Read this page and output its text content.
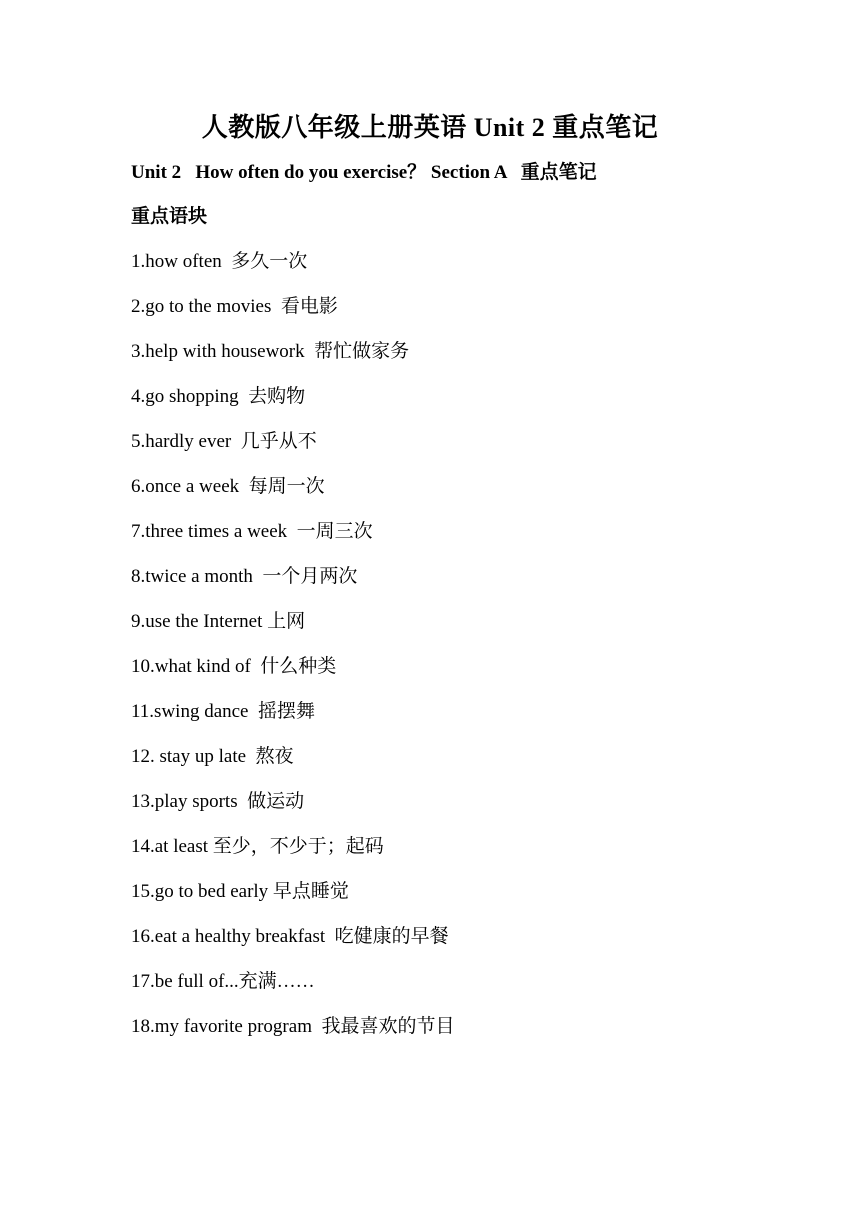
人教版八年级上册英语 Unit 2 重点笔记
Unit 2   How often do you exercise？ Section A   重点笔记
重点语块
1.how often  多久一次
2.go to the movies  看电影
3.help with housework  帮忙做家务
4.go shopping  去购物
5.hardly ever  几乎从不
6.once a week  每周一次
7.three times a week  一周三次
8.twice a month  一个月两次
9.use the Internet 上网
10.what kind of  什么种类
11.swing dance  摇摆舞
12. stay up late  熬夜
13.play sports  做运动
14.at least 至少，不少于；起码
15.go to bed early 早点睡觉
16.eat a healthy breakfast  吃健康的早餐
17.be full of...充满……
18.my favorite program  我最喜欢的节目
